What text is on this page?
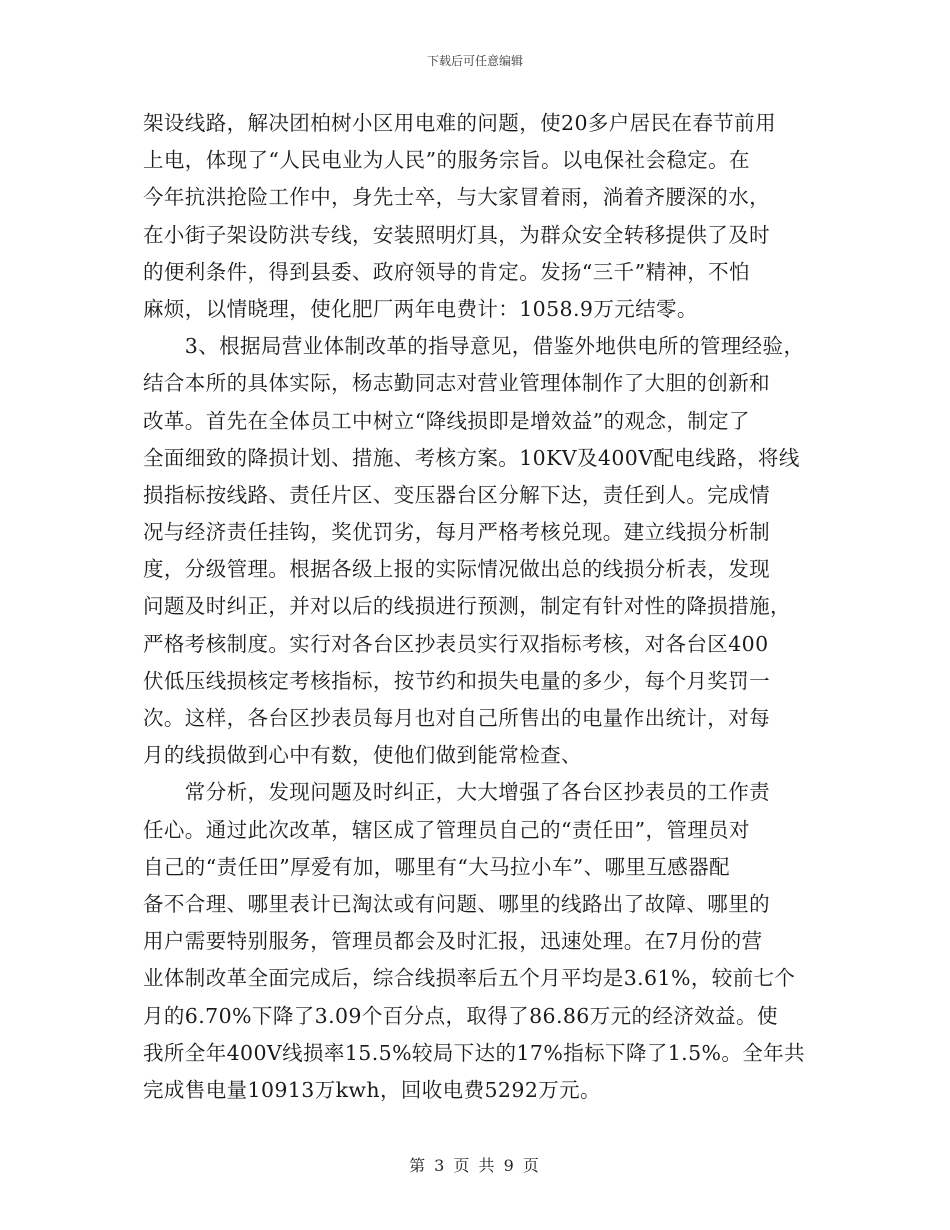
下载后可任意编辑
架设线路，解决团柏树小区用电难的问题，使20多户居民在春节前用
上电，体现了“人民电业为人民”的服务宗旨。以电保社会稳定。在
今年抗洪抢险工作中，身先士卒，与大家冒着雨，淌着齐腰深的水，
在小街子架设防洪专线，安装照明灯具，为群众安全转移提供了及时
的便利条件，得到县委、政府领导的肯定。发扬“三千”精神，不怕
麻烦，以情晓理，使化肥厂两年电费计：1058.9万元结零。
　　3、根据局营业体制改革的指导意见，借鉴外地供电所的管理经验，
结合本所的具体实际，杨志勤同志对营业管理体制作了大胆的创新和
改革。首先在全体员工中树立“降线损即是增效益”的观念，制定了
全面细致的降损计划、措施、考核方案。10KV及400V配电线路，将线
损指标按线路、责任片区、变压器台区分解下达，责任到人。完成情
况与经济责任挂钩，奖优罚劣，每月严格考核兑现。建立线损分析制
度，分级管理。根据各级上报的实际情况做出总的线损分析表，发现
问题及时纠正，并对以后的线损进行预测，制定有针对性的降损措施，
严格考核制度。实行对各台区抄表员实行双指标考核，对各台区400
伏低压线损核定考核指标，按节约和损失电量的多少，每个月奖罚一
次。这样，各台区抄表员每月也对自己所售出的电量作出统计，对每
月的线损做到心中有数，使他们做到能常检查、
　　常分析，发现问题及时纠正，大大增强了各台区抄表员的工作责
任心。通过此次改革，辖区成了管理员自己的“责任田”，管理员对
自己的“责任田”厚爱有加，哪里有“大马拉小车”、哪里互感器配
备不合理、哪里表计已淘汰或有问题、哪里的线路出了故障、哪里的
用户需要特别服务，管理员都会及时汇报，迅速处理。在7月份的营
业体制改革全面完成后，综合线损率后五个月平均是3.61%，较前七个
月的6.70%下降了3.09个百分点，取得了86.86万元的经济效益。使
我所全年400V线损率15.5%较局下达的17%指标下降了1.5%。全年共
完成售电量10913万kwh，回收电费5292万元。
第 3 页 共 9 页
